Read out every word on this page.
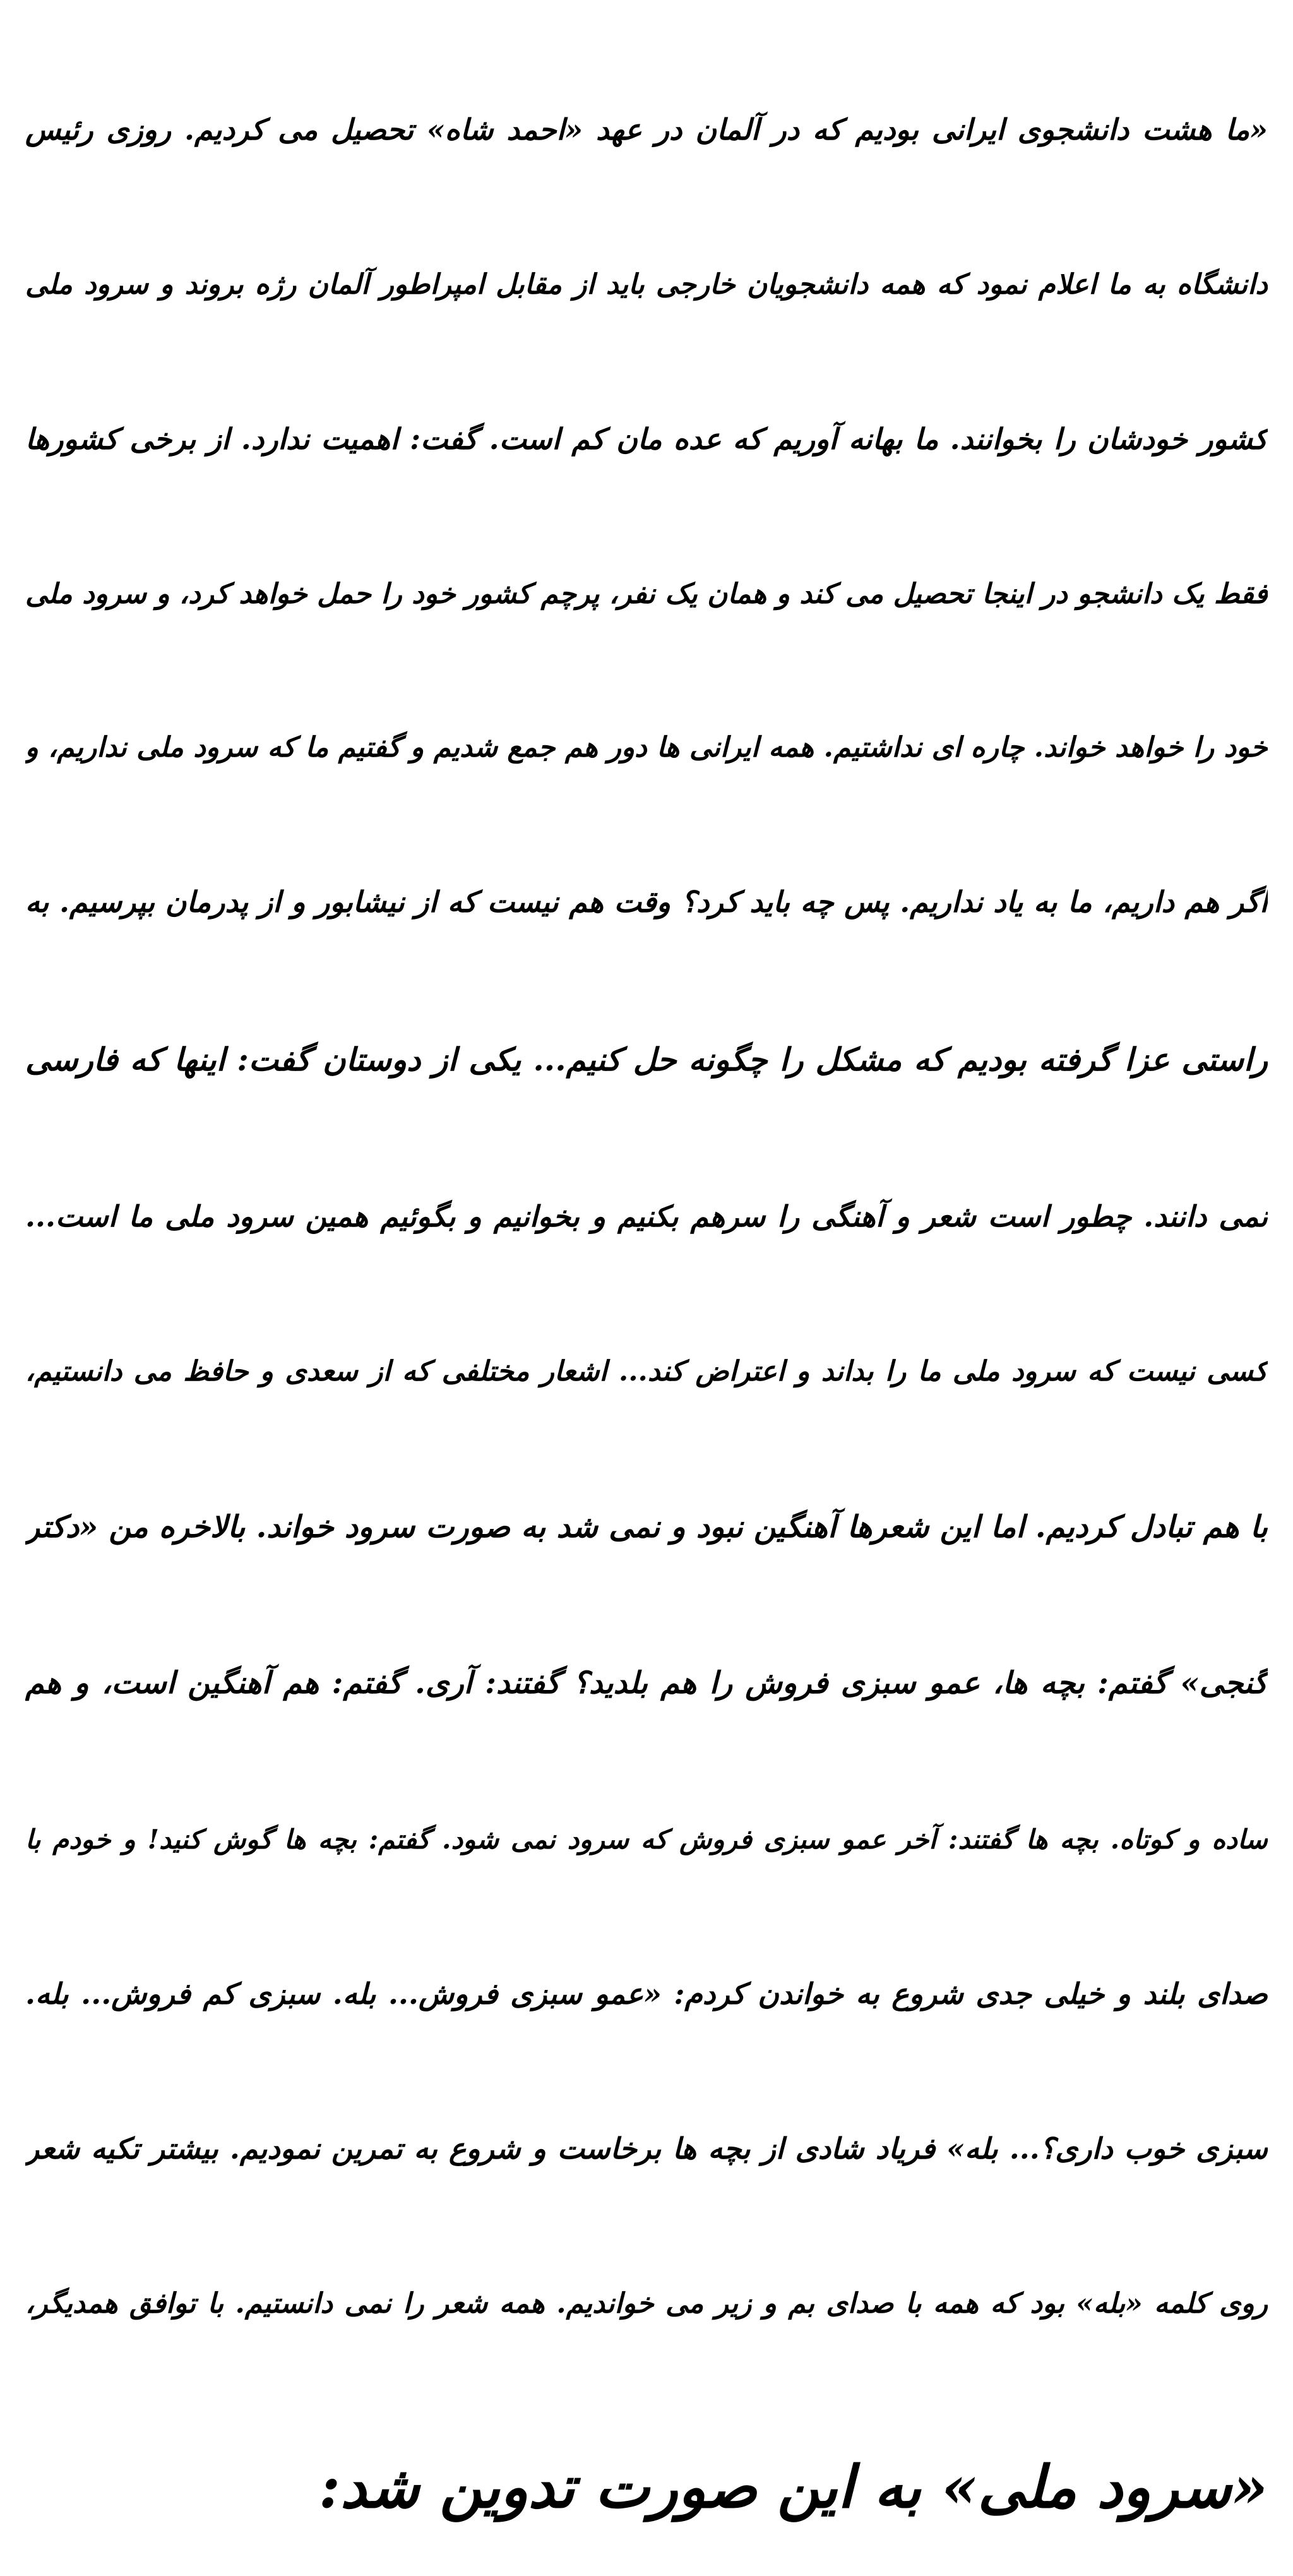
«ما هشت دانشجوی ایرانی بودیم که در آلمان در عهد «احمد شاه» تحصیل می کردیم. روزی رئیس

دانشگاه به ما اعلام نمود که همه دانشجویان خارجی باید از مقابل امپراطور آلمان رژه بروند و سرود ملی

کشور خودشان را بخوانند. ما بهانه آوریم که عده مان کم است. گفت: اهمیت ندارد. از برخی کشورها

فقط یک دانشجو در اینجا تحصیل می کند و همان یک نفر، پرچم کشور خود را حمل خواهد کرد، و سرود ملی

خود را خواهد خواند. چاره ای نداشتیم. همه ایرانی ها دور هم جمع شدیم و گفتیم ما که سرود ملی نداریم، و

اگر هم داریم، ما به یاد نداریم. پس چه باید کرد؟ وقت هم نیست که از نیشابور و از پدرمان بپرسیم. به

راستی عزا گرفته بودیم که مشکل را چگونه حل کنیم... یکی از دوستان گفت: اینها که فارسی

نمی دانند. چطور است شعر و آهنگی را سرهم بکنیم و بخوانیم و بگوئیم همین سرود ملی ما است...

کسی نیست که سرود ملی ما را بداند و اعتراض کند... اشعار مختلفی که از سعدی و حافظ می دانستیم،

با هم تبادل کردیم. اما این شعرها آهنگین نبود و نمی شد به صورت سرود خواند. بالاخره من «دکتر

گنجی» گفتم: بچه ها، عمو سبزی فروش را هم بلدید؟ گفتند: آری. گفتم: هم آهنگین است، و هم

ساده و کوتاه. بچه ها گفتند: آخر عمو سبزی فروش که سرود نمی شود. گفتم: بچه ها گوش کنید! و خودم با

صدای بلند و خیلی جدی شروع به خواندن کردم: «عمو سبزی فروش... بله. سبزی کم فروش... بله.

سبزی خوب داری؟... بله» فریاد شادی از بچه ها برخاست و شروع به تمرین نمودیم. بیشتر تکیه شعر

روی کلمه «بله» بود که همه با صدای بم و زیر می خواندیم. همه شعر را نمی دانستیم. با توافق همدیگر،

«سرود ملی» به این صورت تدوین شد:
